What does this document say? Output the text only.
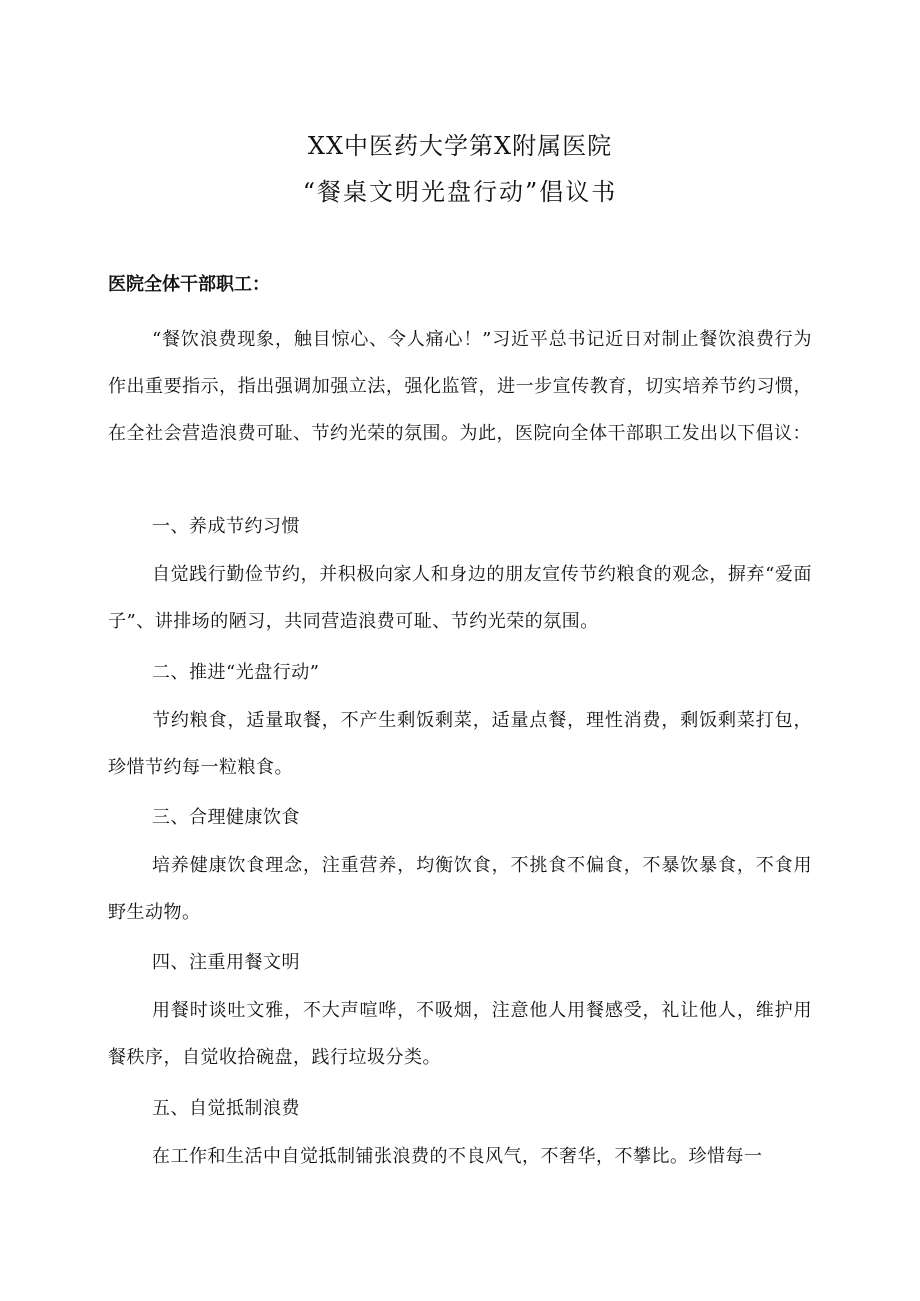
XX中医药大学第X附属医院
“餐桌文明光盘行动”倡议书
医院全体干部职工：
“餐饮浪费现象，触目惊心、令人痛心！”习近平总书记近日对制止餐饮浪费行为作出重要指示，指出强调加强立法，强化监管，进一步宣传教育，切实培养节约习惯，在全社会营造浪费可耻、节约光荣的氛围。为此，医院向全体干部职工发出以下倡议：
一、养成节约习惯
自觉践行勤俭节约，并积极向家人和身边的朋友宣传节约粮食的观念，摒弃“爱面子”、讲排场的陋习，共同营造浪费可耻、节约光荣的氛围。
二、推进“光盘行动”
节约粮食，适量取餐，不产生剩饭剩菜，适量点餐，理性消费，剩饭剩菜打包，珍惜节约每一粒粮食。
三、合理健康饮食
培养健康饮食理念，注重营养，均衡饮食，不挑食不偏食，不暴饮暴食，不食用野生动物。
四、注重用餐文明
用餐时谈吐文雅，不大声喧哗，不吸烟，注意他人用餐感受，礼让他人，维护用餐秩序，自觉收拾碗盘，践行垃圾分类。
五、自觉抵制浪费
在工作和生活中自觉抵制铺张浪费的不良风气，不奢华，不攀比。珍惜每一
